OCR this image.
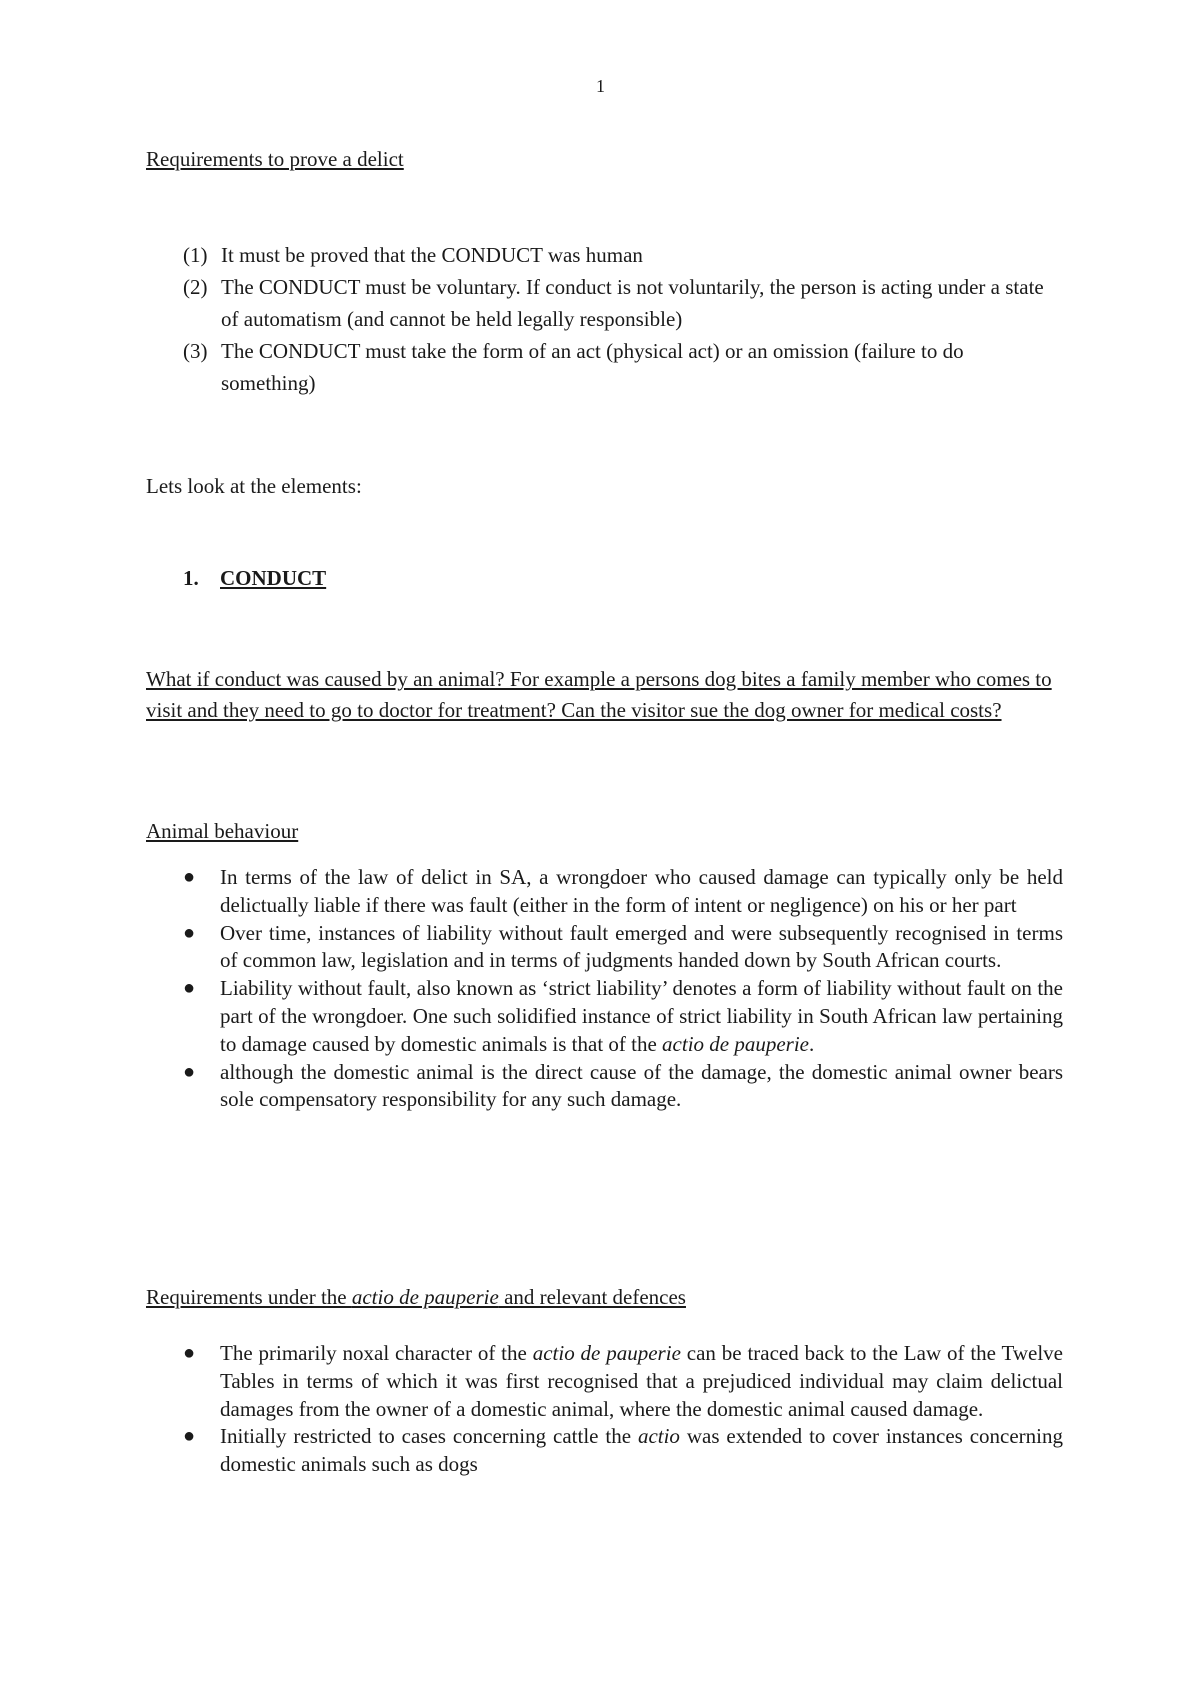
1
Requirements to prove a delict
(1) It must be proved that the CONDUCT was human
(2) The CONDUCT must be voluntary. If conduct is not voluntarily, the person is acting under a state of automatism (and cannot be held legally responsible)
(3) The CONDUCT must take the form of an act (physical act) or an omission (failure to do something)
Lets look at the elements:
1. CONDUCT
What if conduct was caused by an animal? For example a persons dog bites a family member who comes to visit and they need to go to doctor for treatment? Can the visitor sue the dog owner for medical costs?
Animal behaviour
● In terms of the law of delict in SA, a wrongdoer who caused damage can typically only be held delictually liable if there was fault (either in the form of intent or negligence) on his or her part
● Over time, instances of liability without fault emerged and were subsequently recognised in terms of common law, legislation and in terms of judgments handed down by South African courts.
● Liability without fault, also known as ‘strict liability’ denotes a form of liability without fault on the part of the wrongdoer. One such solidified instance of strict liability in South African law pertaining to damage caused by domestic animals is that of the actio de pauperie.
● although the domestic animal is the direct cause of the damage, the domestic animal owner bears sole compensatory responsibility for any such damage.
Requirements under the actio de pauperie and relevant defences
● The primarily noxal character of the actio de pauperie can be traced back to the Law of the Twelve Tables in terms of which it was first recognised that a prejudiced individual may claim delictual damages from the owner of a domestic animal, where the domestic animal caused damage.
● Initially restricted to cases concerning cattle the actio was extended to cover instances concerning domestic animals such as dogs
